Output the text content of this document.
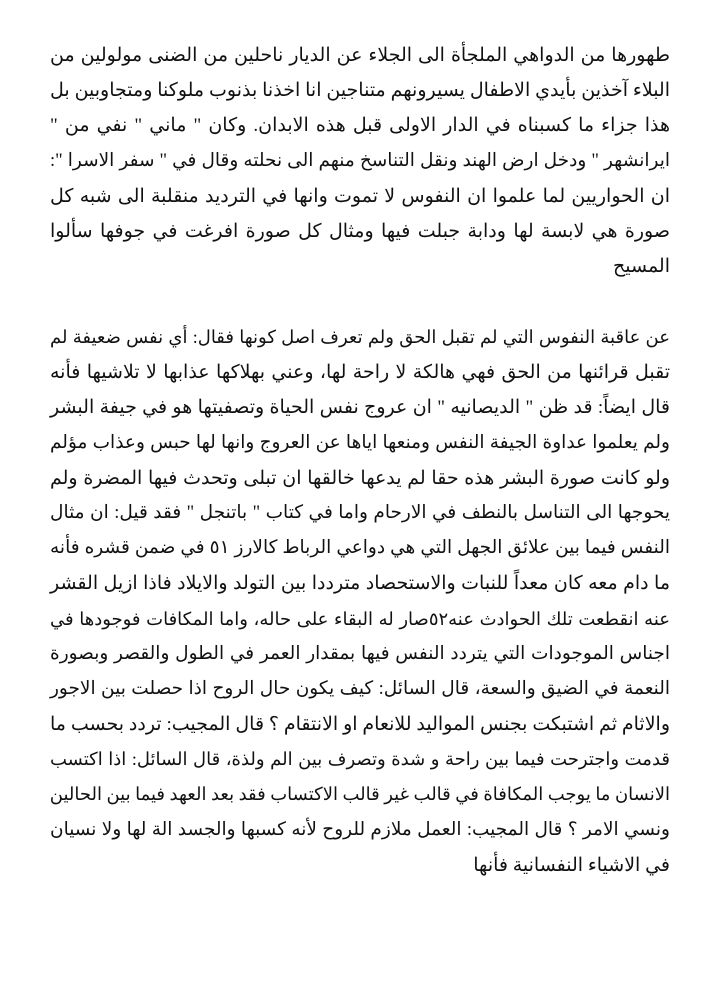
طهورها من الدواهي الملجأة الى الجلاء عن الديار ناحلين من الضنى مولولين من
البلاء آخذين بأيدي الاطفال يسيرونهم متناجين انا اخذنا بذنوب ملوكنا ومتجاوبين بل
هذا جزاء ما كسبناه في الدار الاولى قبل هذه الابدان. وكان " ماني " نفي من "
ايرانشهر " ودخل ارض الهند ونقل التناسخ منهم الى نحلته وقال في " سفر الاسرا ":
ان الحواريين لما علموا ان النفوس لا تموت وانها في الترديد منقلبة الى شبه كل
صورة هي لابسة لها ودابة جبلت فيها ومثال كل صورة افرغت في جوفها سألوا
المسيح
عن عاقبة النفوس التي لم تقبل الحق ولم تعرف اصل كونها فقال: أي نفس ضعيفة لم
تقبل قرائنها من الحق فهي هالكة لا راحة لها، وعني بهلاكها عذابها لا تلاشيها فأنه
قال ايضاً: قد ظن " الديصانيه " ان عروج نفس الحياة وتصفيتها هو في جيفة البشر
ولم يعلموا عداوة الجيفة النفس ومنعها اياها عن العروج وانها لها حبس وعذاب مؤلم
ولو كانت صورة البشر هذه حقا لم يدعها خالقها ان تبلى وتحدث فيها المضرة ولم
يحوجها الى التناسل بالنطف في الارحام واما في كتاب " باتنجل " فقد قيل: ان مثال
النفس فيما بين علائق الجهل التي هي دواعي الرباط كالارز ٥١ في ضمن قشره فأنه
ما دام معه كان معداً للنبات والاستحصاد مترددا بين التولد والايلاد فاذا ازيل القشر
عنه انقطعت تلك الحوادث عنه٥٢صار له البقاء على حاله، واما المكافات فوجودها في
اجناس الموجودات التي يتردد النفس فيها بمقدار العمر في الطول والقصر وبصورة
النعمة في الضيق والسعة، قال السائل: كيف يكون حال الروح اذا حصلت بين الاجور
والاثام ثم اشتبكت بجنس المواليد للانعام او الانتقام ؟ قال المجيب: تردد بحسب ما
قدمت واجترحت فيما بين راحة و شدة وتصرف بين الم ولذة، قال السائل: اذا اكتسب
الانسان ما يوجب المكافاة في قالب غير قالب الاكتساب فقد بعد العهد فيما بين الحالين
ونسي الامر ؟ قال المجيب: العمل ملازم للروح لأنه كسبها والجسد الة لها ولا نسيان
في الاشياء النفسانية فأنها
